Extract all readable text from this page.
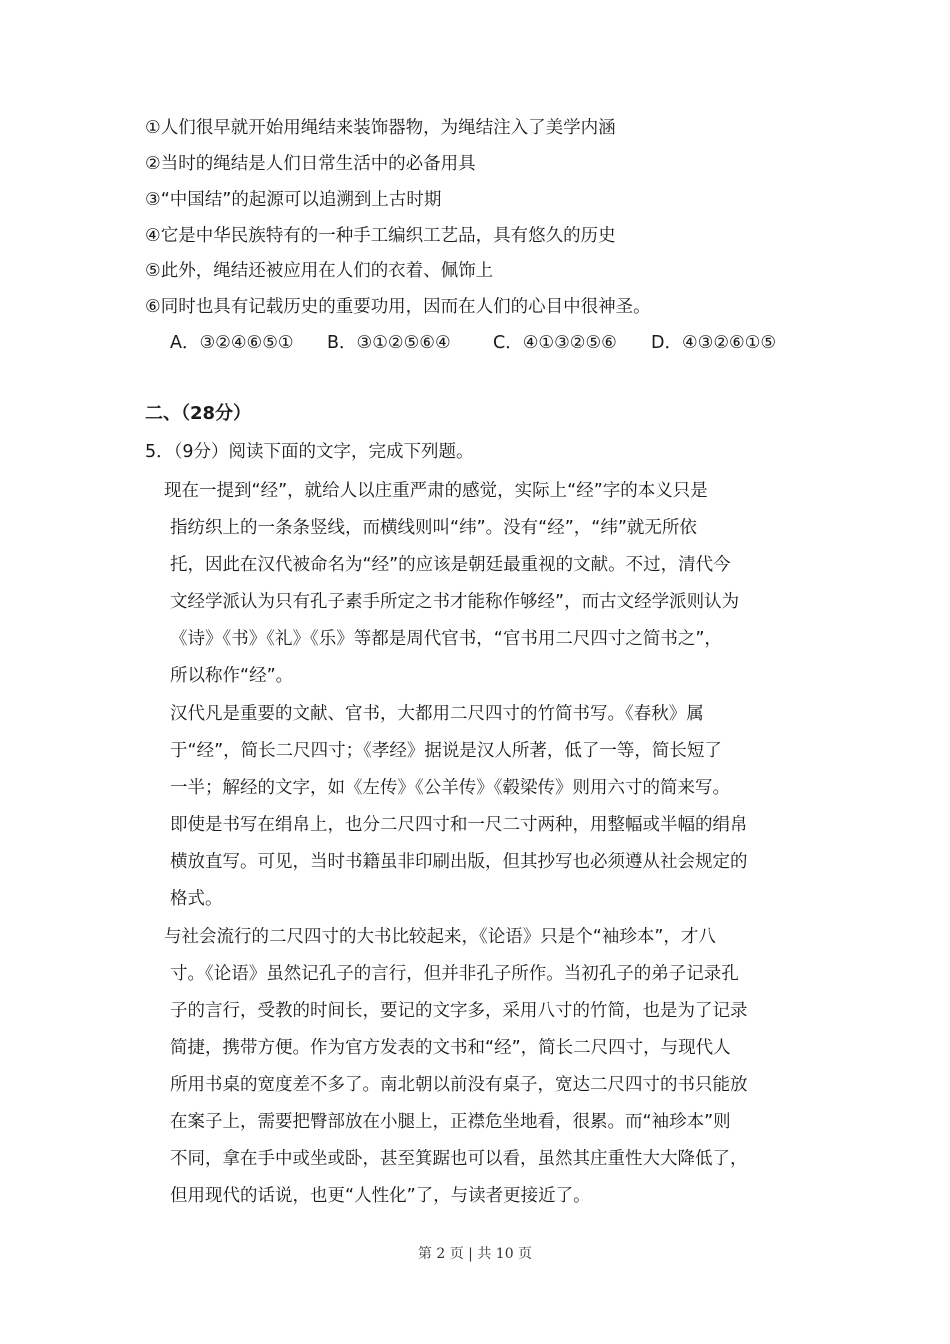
①人们很早就开始用绳结来装饰器物，为绳结注入了美学内涵
②当时的绳结是人们日常生活中的必备用具
③“中国结”的起源可以追溯到上古时期
④它是中华民族特有的一种手工编织工艺品，具有悠久的历史
⑤此外，绳结还被应用在人们的衣着、佩饰上
⑥同时也具有记载历史的重要功用，因而在人们的心目中很神圣。
A．③②④⑥⑤① B．③①②⑤⑥④ C．④①③②⑤⑥ D．④③②⑥①⑤
二、（28分）
5．（9分）阅读下面的文字，完成下列题。
现在一提到“经”，就给人以庄重严肃的感觉，实际上“经”字的本义只是
指纺织上的一条条竖线，而横线则叫“纬”。没有“经”，“纬”就无所依
托，因此在汉代被命名为“经”的应该是朝廷最重视的文献。不过，清代今
文经学派认为只有孔子素手所定之书才能称作够经”，而古文经学派则认为
《诗》《书》《礼》《乐》等都是周代官书，“官书用二尺四寸之简书之”，
所以称作“经”。
汉代凡是重要的文献、官书，大都用二尺四寸的竹简书写。《春秋》属
于“经”，简长二尺四寸；《孝经》据说是汉人所著，低了一等，简长短了
一半；解经的文字，如《左传》《公羊传》《毂梁传》则用六寸的简来写。
即使是书写在绢帛上，也分二尺四寸和一尺二寸两种，用整幅或半幅的绢帛
横放直写。可见，当时书籍虽非印刷出版，但其抄写也必须遵从社会规定的
格式。
与社会流行的二尺四寸的大书比较起来，《论语》只是个“袖珍本”，才八
寸。《论语》虽然记孔子的言行，但并非孔子所作。当初孔子的弟子记录孔
子的言行，受教的时间长，要记的文字多，采用八寸的竹简，也是为了记录
简捷，携带方便。作为官方发表的文书和“经”，简长二尺四寸，与现代人
所用书桌的宽度差不多了。南北朝以前没有桌子，宽达二尺四寸的书只能放
在案子上，需要把臀部放在小腿上，正襟危坐地看，很累。而“袖珍本”则
不同，拿在手中或坐或卧，甚至箕踞也可以看，虽然其庄重性大大降低了，
但用现代的话说，也更“人性化”了，与读者更接近了。
第 2 页 | 共 10 页
